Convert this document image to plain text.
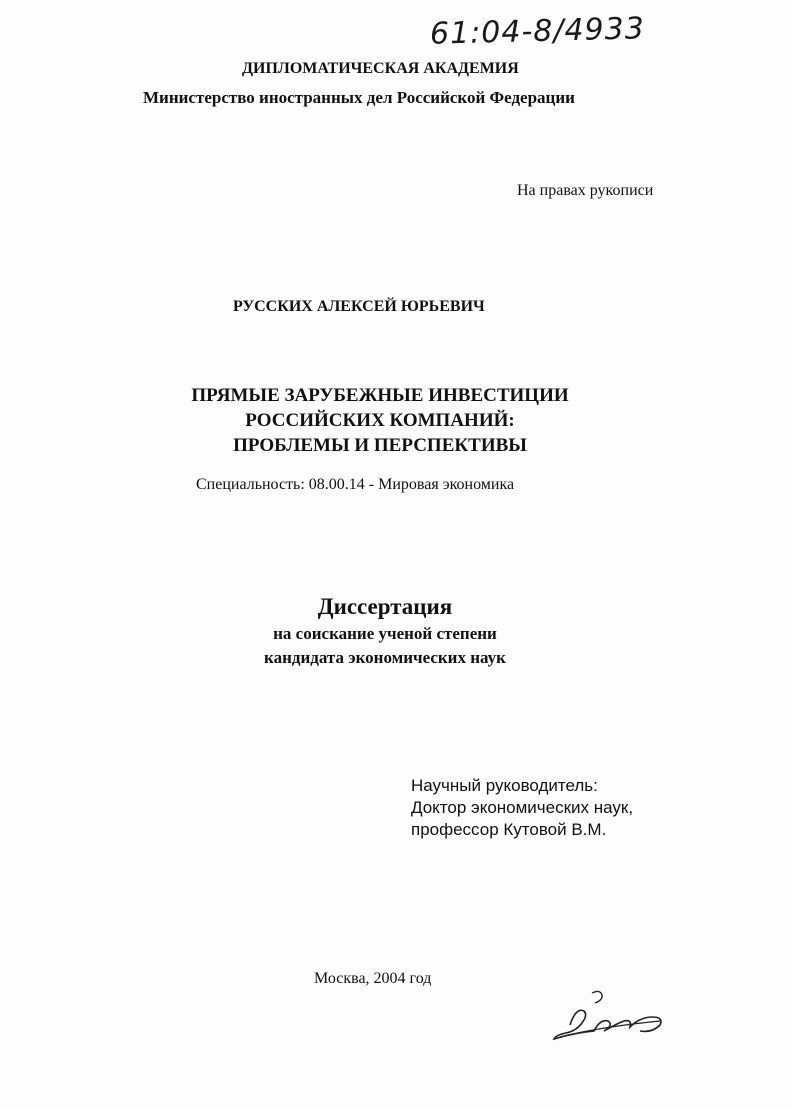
61:04-8/4933
ДИПЛОМАТИЧЕСКАЯ АКАДЕМИЯ
Министерство иностранных дел Российской Федерации
На правах рукописи
РУССКИХ АЛЕКСЕЙ ЮРЬЕВИЧ
ПРЯМЫЕ ЗАРУБЕЖНЫЕ ИНВЕСТИЦИИ
РОССИЙСКИХ КОМПАНИЙ:
ПРОБЛЕМЫ И ПЕРСПЕКТИВЫ
Специальность: 08.00.14 - Мировая экономика
Диссертация
на соискание ученой степени
кандидата экономических наук
Научный руководитель:
Доктор экономических наук,
профессор Кутовой В.М.
Москва, 2004 год
